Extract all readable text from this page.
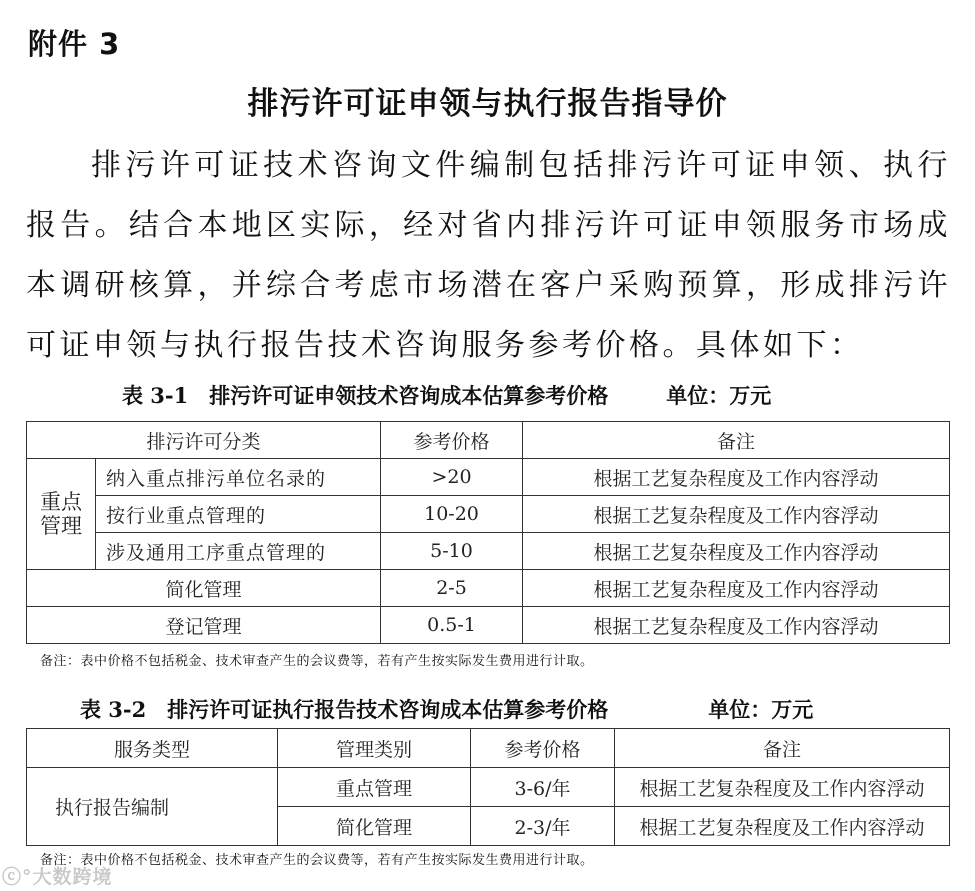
附件 3
排污许可证申领与执行报告指导价
排污许可证技术咨询文件编制包括排污许可证申领、执行报告。结合本地区实际，经对省内排污许可证申领服务市场成本调研核算，并综合考虑市场潜在客户采购预算，形成排污许可证申领与执行报告技术咨询服务参考价格。具体如下：
表 3-1　排污许可证申领技术咨询成本估算参考价格	单位：万元
排污许可分类		参考价格	备注
重点
管理	纳入重点排污单位名录的	>20	根据工艺复杂程度及工作内容浮动
	按行业重点管理的	10-20	根据工艺复杂程度及工作内容浮动
	涉及通用工序重点管理的	5-10	根据工艺复杂程度及工作内容浮动
简化管理		2-5	根据工艺复杂程度及工作内容浮动
登记管理		0.5-1	根据工艺复杂程度及工作内容浮动
备注：表中价格不包括税金、技术审查产生的会议费等，若有产生按实际发生费用进行计取。
表 3-2　排污许可证执行报告技术咨询成本估算参考价格	单位：万元
服务类型	管理类别	参考价格	备注
执行报告编制	重点管理	3-6/年	根据工艺复杂程度及工作内容浮动
	简化管理	2-3/年	根据工艺复杂程度及工作内容浮动
备注：表中价格不包括税金、技术审查产生的会议费等，若有产生按实际发生费用进行计取。
ⓒ°大数跨境
